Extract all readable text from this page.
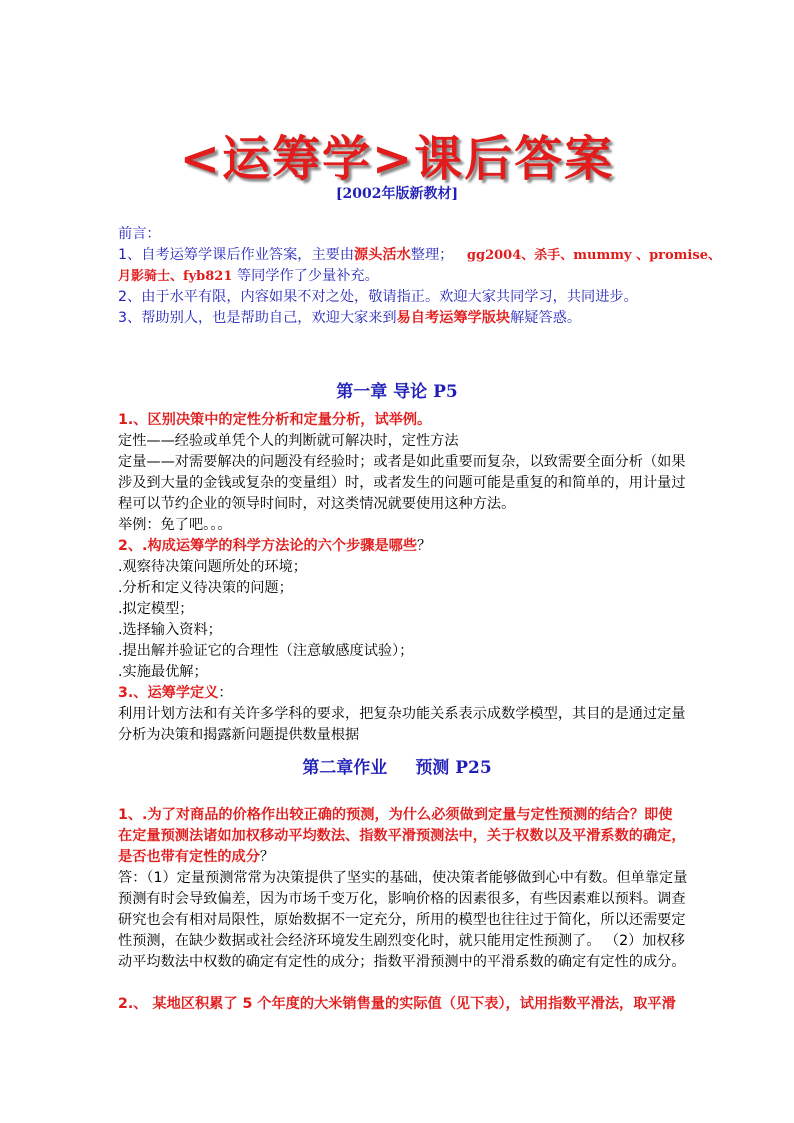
<运筹学>课后答案
[2002年版新教材]
前言：
1、自考运筹学课后作业答案，主要由源头活水整理； gg2004、杀手、mummy 、promise、
月影骑士、fyb821 等同学作了少量补充。
2、由于水平有限，内容如果不对之处，敬请指正。欢迎大家共同学习，共同进步。
3、帮助别人，也是帮助自己，欢迎大家来到易自考运筹学版块解疑答惑。
第一章 导论 P5
1.、区别决策中的定性分析和定量分析，试举例。
定性——经验或单凭个人的判断就可解决时，定性方法
定量——对需要解决的问题没有经验时；或者是如此重要而复杂，以致需要全面分析（如果
涉及到大量的金钱或复杂的变量组）时，或者发生的问题可能是重复的和简单的，用计量过
程可以节约企业的领导时间时，对这类情况就要使用这种方法。
举例：免了吧。。。
2、.构成运筹学的科学方法论的六个步骤是哪些？
.观察待决策问题所处的环境；
.分析和定义待决策的问题；
.拟定模型；
.选择输入资料；
.提出解并验证它的合理性（注意敏感度试验）；
.实施最优解；
3.、运筹学定义：
利用计划方法和有关许多学科的要求，把复杂功能关系表示成数学模型，其目的是通过定量
分析为决策和揭露新问题提供数量根据
第二章作业 预测 P25
1、.为了对商品的价格作出较正确的预测，为什么必须做到定量与定性预测的结合？即使
在定量预测法诸如加权移动平均数法、指数平滑预测法中，关于权数以及平滑系数的确定，
是否也带有定性的成分？
答：（1）定量预测常常为决策提供了坚实的基础，使决策者能够做到心中有数。但单靠定量
预测有时会导致偏差，因为市场千变万化，影响价格的因素很多，有些因素难以预料。调查
研究也会有相对局限性，原始数据不一定充分，所用的模型也往往过于简化，所以还需要定
性预测，在缺少数据或社会经济环境发生剧烈变化时，就只能用定性预测了。 （2）加权移
动平均数法中权数的确定有定性的成分；指数平滑预测中的平滑系数的确定有定性的成分。
2.、 某地区积累了 5 个年度的大米销售量的实际值（见下表），试用指数平滑法，取平滑
